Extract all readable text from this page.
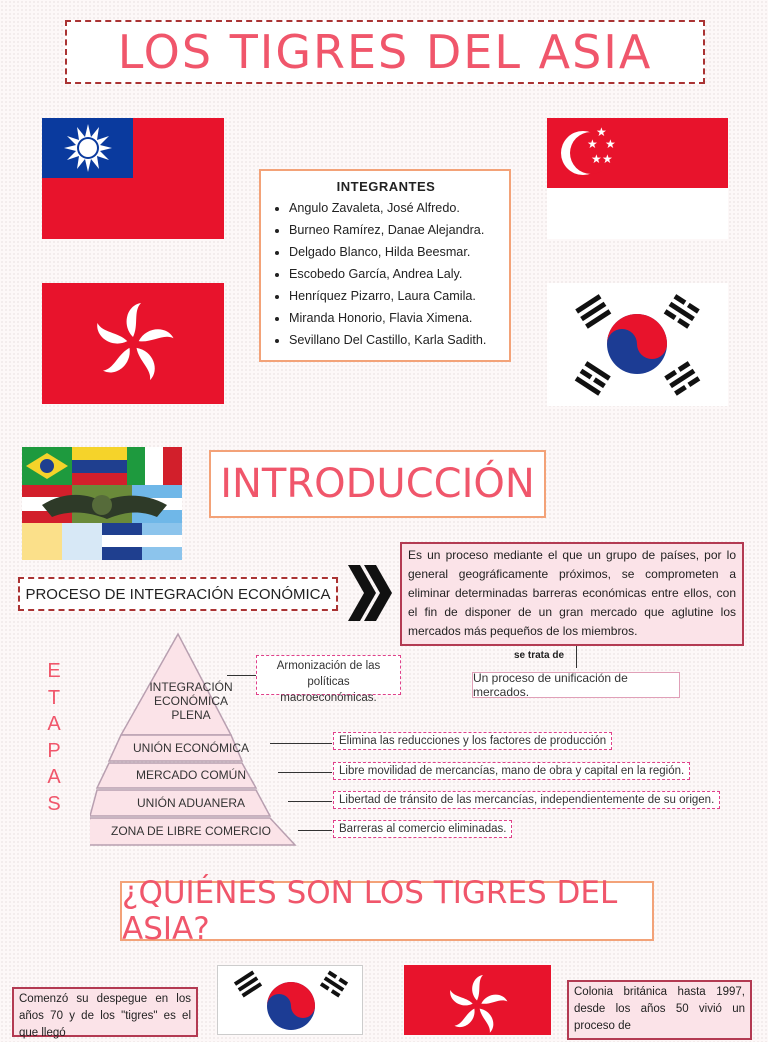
LOS TIGRES DEL ASIA
★
★ ★
★ ★
INTEGRANTES
• Angulo Zavaleta, José Alfredo.
• Burneo Ramírez, Danae Alejandra.
• Delgado Blanco, Hilda Beesmar.
• Escobedo García, Andrea Laly.
• Henríquez Pizarro, Laura Camila.
• Miranda Honorio, Flavia Ximena.
• Sevillano Del Castillo, Karla Sadith.
INTRODUCCIÓN
PROCESO DE INTEGRACIÓN ECONÓMICA
Es un proceso mediante el que un grupo de países, por lo general geográficamente próximos, se comprometen a eliminar determinadas barreras económicas entre ellos, con el fin de disponer de un gran mercado que aglutine los mercados más pequeños de los miembros.
se trata de
Un proceso de unificación de mercados.
E
T
A
P
A
S
INTEGRACIÓN ECONÓMICA PLENA
UNIÓN ECONÓMICA
MERCADO COMÚN
UNIÓN ADUANERA
ZONA DE LIBRE COMERCIO
Armonización de las políticas macroeconómicas.
Elimina las reducciones y los factores de producción
Libre movilidad de mercancías, mano de obra y capital en la región.
Libertad de tránsito de las mercancías, independientemente de su origen.
Barreras al comercio eliminadas.
¿QUIÉNES SON LOS TIGRES DEL ASIA?
Comenzó su despegue en los años 70 y de los "tigres" es el que llegó
Colonia británica hasta 1997, desde los años 50 vivió un proceso de
